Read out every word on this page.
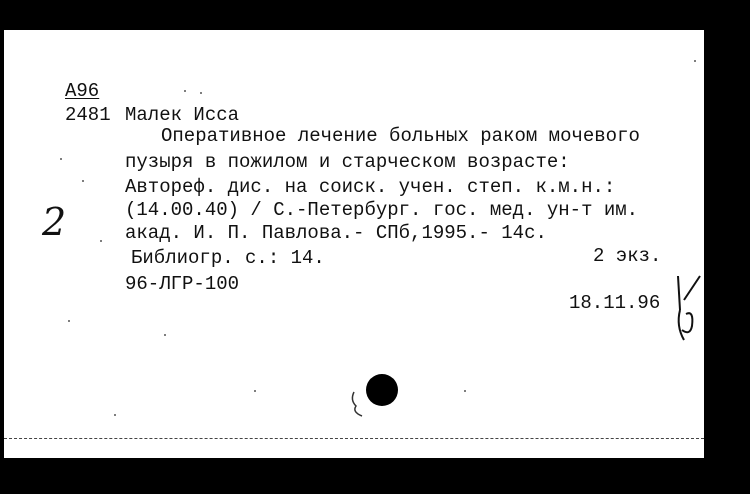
А96
2481 Малек Исса
Оперативное лечение больных раком мочевого
пузыря в пожилом и старческом возрасте:
Автореф. дис. на соиск. учен. степ. к.м.н.:
(14.00.40) / С.-Петербург. гос. мед. ун-т им.
акад. И. П. Павлова.- СПб,1995.- 14с.
Библиогр. с.: 14.	2 экз.
96-ЛГР-100
18.11.96
2
